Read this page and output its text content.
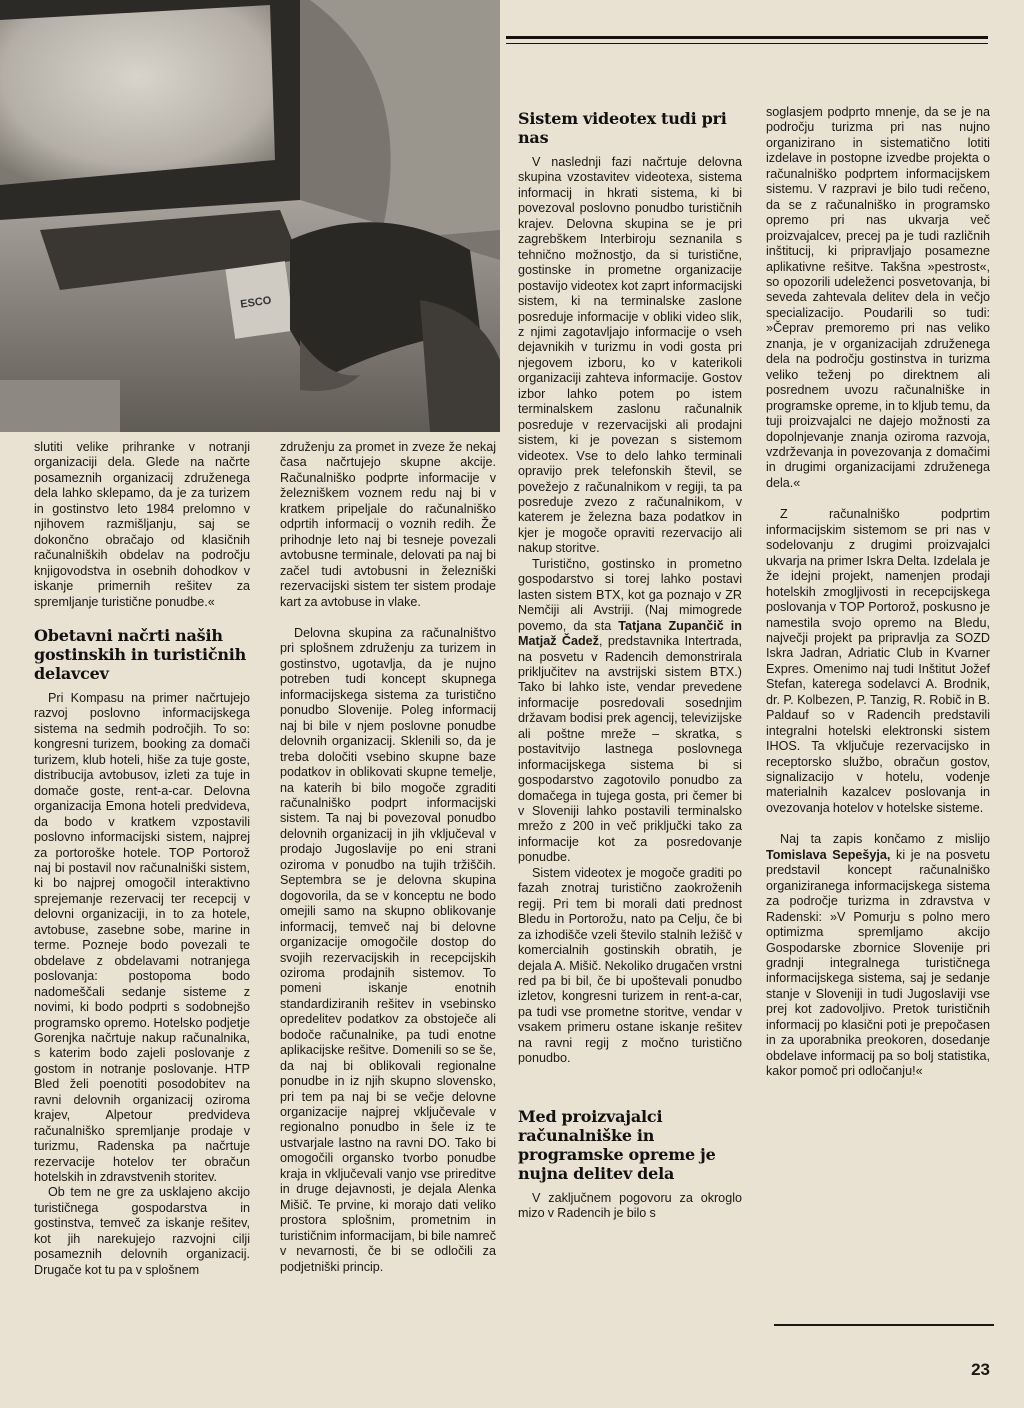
ESCO

slutiti velike prihranke v notranji organizaciji dela. Glede na načrte posameznih organizacij združenega dela lahko sklepamo, da je za turizem in gostinstvo leto 1984 prelomno v njihovem razmišljanju, saj se dokončno obračajo od klasičnih računalniških obdelav na področju knjigovodstva in osebnih dohodkov v iskanje primernih rešitev za spremljanje turistične ponudbe.«

Obetavni načrti naših gostinskih in turističnih delavcev

Pri Kompasu na primer načrtujejo razvoj poslovno informacijskega sistema na sedmih področjih. To so: kongresni turizem, booking za domači turizem, klub hoteli, hiše za tuje goste, distribucija avtobusov, izleti za tuje in domače goste, rent-a-car. Delovna organizacija Emona hoteli predvideva, da bodo v kratkem vzpostavili poslovno informacijski sistem, najprej za portoroške hotele. TOP Portorož naj bi postavil nov računalniški sistem, ki bo najprej omogočil interaktivno sprejemanje rezervacij ter recepcij v delovni organizaciji, in to za hotele, avtobuse, zasebne sobe, marine in terme. Pozneje bodo povezali te obdelave z obdelavami notranjega poslovanja: postopoma bodo nadomeščali sedanje sisteme z novimi, ki bodo podprti s sodobnejšo programsko opremo. Hotelsko podjetje Gorenjka načrtuje nakup računalnika, s katerim bodo zajeli poslovanje z gostom in notranje poslovanje. HTP Bled želi poenotiti posodobitev na ravni delovnih organizacij oziroma krajev, Alpetour predvideva računalniško spremljanje prodaje v turizmu, Radenska pa načrtuje rezervacije hotelov ter obračun hotelskih in zdravstvenih storitev.

Ob tem ne gre za usklajeno akcijo turističnega gospodarstva in gostinstva, temveč za iskanje rešitev, kot jih narekujejo razvojni cilji posameznih delovnih organizacij. Drugače kot tu pa v splošnem

združenju za promet in zveze že nekaj časa načrtujejo skupne akcije. Računalniško podprte informacije v železniškem voznem redu naj bi v kratkem pripeljale do računalniško odprtih informacij o voznih redih. Že prihodnje leto naj bi tesneje povezali avtobusne terminale, delovati pa naj bi začel tudi avtobusni in železniški rezervacijski sistem ter sistem prodaje kart za avtobuse in vlake.

Delovna skupina za računalništvo pri splošnem združenju za turizem in gostinstvo, ugotavlja, da je nujno potreben tudi koncept skupnega informacijskega sistema za turistično ponudbo Slovenije. Poleg informacij naj bi bile v njem poslovne ponudbe delovnih organizacij. Sklenili so, da je treba določiti vsebino skupne baze podatkov in oblikovati skupne temelje, na katerih bi bilo mogoče zgraditi računalniško podprt informacijski sistem. Ta naj bi povezoval ponudbo delovnih organizacij in jih vključeval v prodajo Jugoslavije po eni strani oziroma v ponudbo na tujih tržiščih. Septembra se je delovna skupina dogovorila, da se v konceptu ne bodo omejili samo na skupno oblikovanje informacij, temveč naj bi delovne organizacije omogočile dostop do svojih rezervacijskih in recepcijskih oziroma prodajnih sistemov. To pomeni iskanje enotnih standardiziranih rešitev in vsebinsko opredelitev podatkov za obstoječe ali bodoče računalnike, pa tudi enotne aplikacijske rešitve. Domenili so se še, da naj bi oblikovali regionalne ponudbe in iz njih skupno slovensko, pri tem pa naj bi se večje delovne organizacije najprej vključevale v regionalno ponudbo in šele iz te ustvarjale lastno na ravni DO. Tako bi omogočili organsko tvorbo ponudbe kraja in vključevali vanjo vse prireditve in druge dejavnosti, je dejala Alenka Mišič. Te prvine, ki morajo dati veliko prostora splošnim, prometnim in turističnim informacijam, bi bile namreč v nevarnosti, če bi se odločili za podjetniški princip.

Sistem videotex tudi pri nas

V naslednji fazi načrtuje delovna skupina vzostavitev videotexa, sistema informacij in hkrati sistema, ki bi povezoval poslovno ponudbo turističnih krajev. Delovna skupina se je pri zagrebškem Interbiroju seznanila s tehnično možnostjo, da si turistične, gostinske in prometne organizacije postavijo videotex kot zaprt informacijski sistem, ki na terminalske zaslone posreduje informacije v obliki video slik, z njimi zagotavljajo informacije o vseh dejavnikih v turizmu in vodi gosta pri njegovem izboru, ko v katerikoli organizaciji zahteva informacije. Gostov izbor lahko potem po istem terminalskem zaslonu računalnik posreduje v rezervacijski ali prodajni sistem, ki je povezan s sistemom videotex. Vse to delo lahko terminali opravijo prek telefonskih števil, se povežejo z računalnikom v regiji, ta pa posreduje zvezo z računalnikom, v katerem je železna baza podatkov in kjer je mogoče opraviti rezervacijo ali nakup storitve.

Turistično, gostinsko in prometno gospodarstvo si torej lahko postavi lasten sistem BTX, kot ga poznajo v ZR Nemčiji ali Avstriji. (Naj mimogrede povemo, da sta Tatjana Zupančič in Matjaž Čadež, predstavnika Intertrada, na posvetu v Radencih demonstrirala priključitev na avstrijski sistem BTX.) Tako bi lahko iste, vendar prevedene informacije posredovali sosednjim državam bodisi prek agencij, televizijske ali poštne mreže – skratka, s postavitvijo lastnega poslovnega informacijskega sistema bi si gospodarstvo zagotovilo ponudbo za domačega in tujega gosta, pri čemer bi v Sloveniji lahko postavili terminalsko mrežo z 200 in več priključki tako za informacije kot za posredovanje ponudbe.

Sistem videotex je mogoče graditi po fazah znotraj turistično zaokroženih regij. Pri tem bi morali dati prednost Bledu in Portorožu, nato pa Celju, če bi za izhodišče vzeli število stalnih ležišč v komercialnih gostinskih obratih, je dejala A. Mišič. Nekoliko drugačen vrstni red pa bi bil, če bi upoštevali ponudbo izletov, kongresni turizem in rent-a-car, pa tudi vse prometne storitve, vendar v vsakem primeru ostane iskanje rešitev na ravni regij z močno turistično ponudbo.

Med proizvajalci računalniške in programske opreme je nujna delitev dela

V zaključnem pogovoru za okroglo mizo v Radencih je bilo s

soglasjem podprto mnenje, da se je na področju turizma pri nas nujno organizirano in sistematično lotiti izdelave in postopne izvedbe projekta o računalniško podprtem informacijskem sistemu. V razpravi je bilo tudi rečeno, da se z računalniško in programsko opremo pri nas ukvarja več proizvajalcev, precej pa je tudi različnih inštitucij, ki pripravljajo posamezne aplikativne rešitve. Takšna »pestrost«, so opozorili udeleženci posvetovanja, bi seveda zahtevala delitev dela in večjo specializacijo. Poudarili so tudi: »Čeprav premoremo pri nas veliko znanja, je v organizacijah združenega dela na področju gostinstva in turizma veliko teženj po direktnem ali posrednem uvozu računalniške in programske opreme, in to kljub temu, da tuji proizvajalci ne dajejo možnosti za dopolnjevanje znanja oziroma razvoja, vzdrževanja in povezovanja z domačimi in drugimi organizacijami združenega dela.«

Z računalniško podprtim informacijskim sistemom se pri nas v sodelovanju z drugimi proizvajalci ukvarja na primer Iskra Delta. Izdelala je že idejni projekt, namenjen prodaji hotelskih zmogljivosti in recepcijskega poslovanja v TOP Portorož, poskusno je namestila svojo opremo na Bledu, največji projekt pa pripravlja za SOZD Iskra Jadran, Adriatic Club in Kvarner Expres. Omenimo naj tudi Inštitut Jožef Stefan, katerega sodelavci A. Brodnik, dr. P. Kolbezen, P. Tanzig, R. Robič in B. Paldauf so v Radencih predstavili integralni hotelski elektronski sistem IHOS. Ta vključuje rezervacijsko in receptorsko službo, obračun gostov, signalizacijo v hotelu, vodenje materialnih kazalcev poslovanja in ovezovanja hotelov v hotelske sisteme.

Naj ta zapis končamo z mislijo Tomislava Sepešyja, ki je na posvetu predstavil koncept računalniško organiziranega informacijskega sistema za področje turizma in zdravstva v Radenski: »V Pomurju s polno mero optimizma spremljamo akcijo Gospodarske zbornice Slovenije pri gradnji integralnega turističnega informacijskega sistema, saj je sedanje stanje v Sloveniji in tudi Jugoslaviji vse prej kot zadovoljivo. Pretok turističnih informacij po klasični poti je prepočasen in za uporabnika preokoren, dosedanje obdelave informacij pa so bolj statistika, kakor pomoč pri odločanju!«

23
